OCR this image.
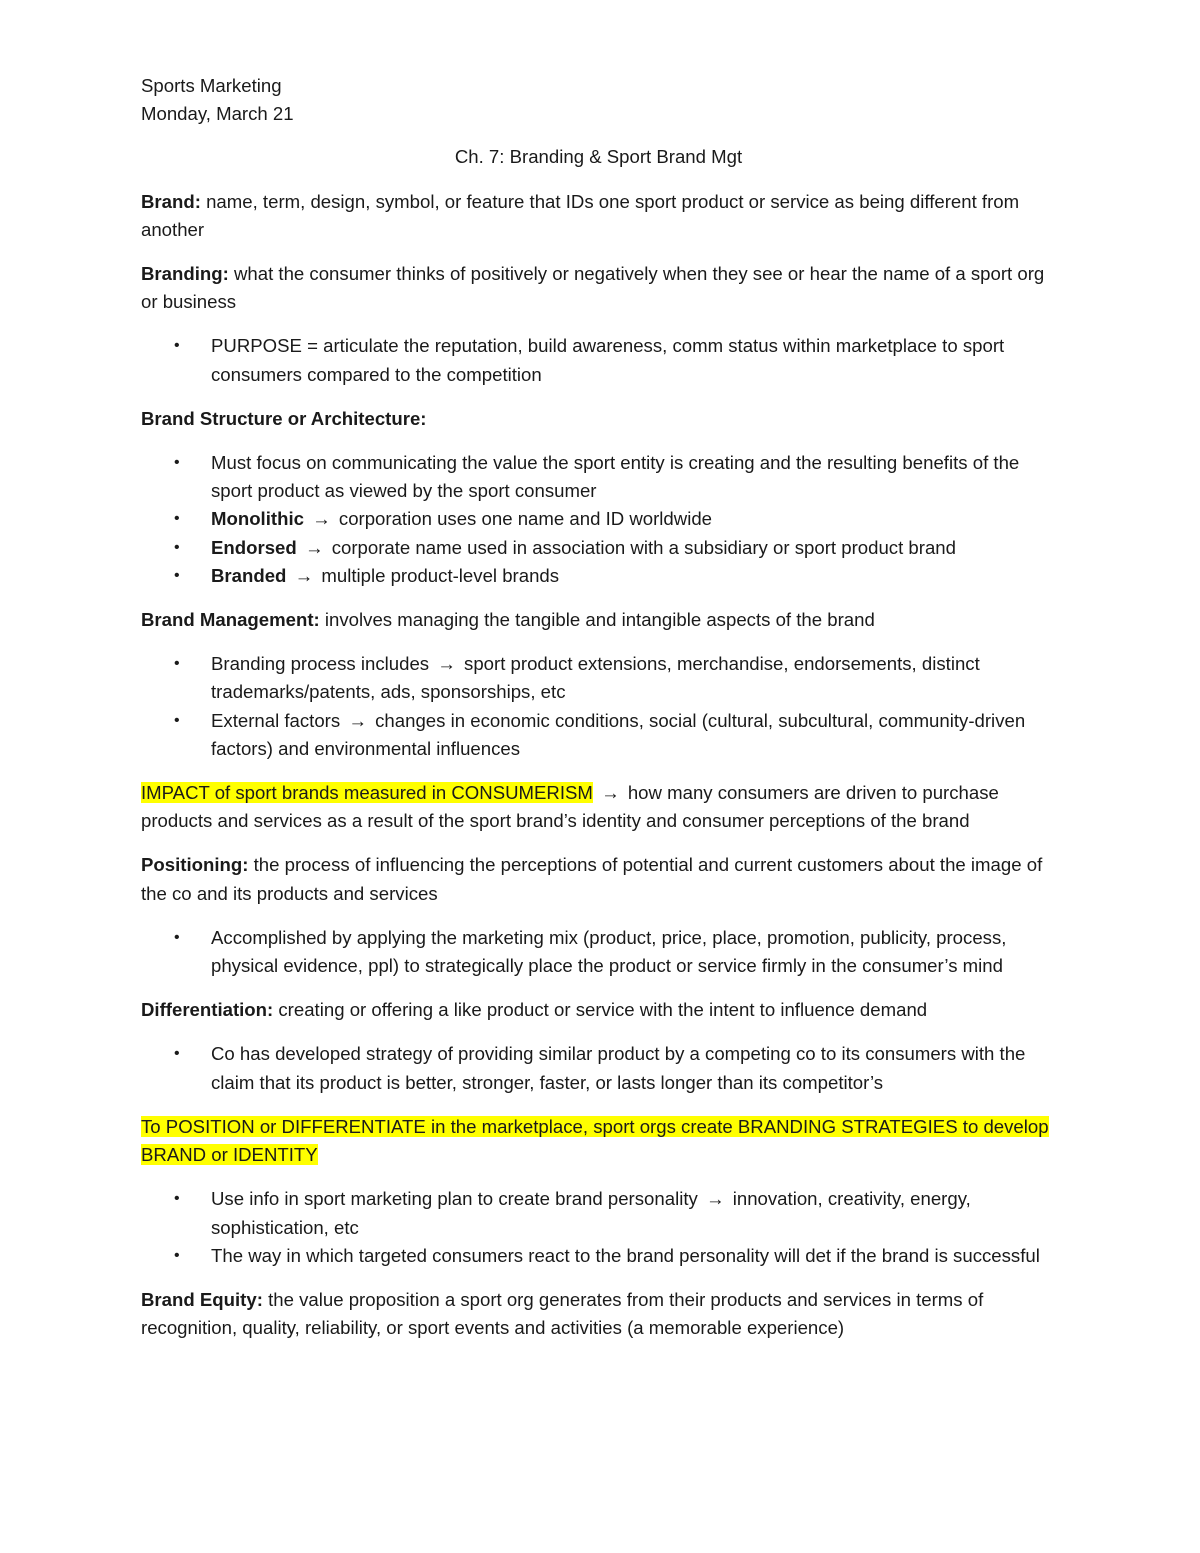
Sports Marketing

Monday, March 21

Ch. 7: Branding & Sport Brand Mgt

Brand: name, term, design, symbol, or feature that IDs one sport product or service as being different from another

Branding: what the consumer thinks of positively or negatively when they see or hear the name of a sport org or business

• PURPOSE = articulate the reputation, build awareness, comm status within marketplace to sport consumers compared to the competition

Brand Structure or Architecture:

• Must focus on communicating the value the sport entity is creating and the resulting benefits of the sport product as viewed by the sport consumer
• Monolithic → corporation uses one name and ID worldwide
• Endorsed → corporate name used in association with a subsidiary or sport product brand
• Branded → multiple product-level brands

Brand Management: involves managing the tangible and intangible aspects of the brand

• Branding process includes → sport product extensions, merchandise, endorsements, distinct trademarks/patents, ads, sponsorships, etc
• External factors → changes in economic conditions, social (cultural, subcultural, community-driven factors) and environmental influences

IMPACT of sport brands measured in CONSUMERISM → how many consumers are driven to purchase products and services as a result of the sport brand’s identity and consumer perceptions of the brand

Positioning: the process of influencing the perceptions of potential and current customers about the image of the co and its products and services

• Accomplished by applying the marketing mix (product, price, place, promotion, publicity, process, physical evidence, ppl) to strategically place the product or service firmly in the consumer’s mind

Differentiation: creating or offering a like product or service with the intent to influence demand

• Co has developed strategy of providing similar product by a competing co to its consumers with the claim that its product is better, stronger, faster, or lasts longer than its competitor’s

To POSITION or DIFFERENTIATE in the marketplace, sport orgs create BRANDING STRATEGIES to develop BRAND or IDENTITY

• Use info in sport marketing plan to create brand personality → innovation, creativity, energy, sophistication, etc
• The way in which targeted consumers react to the brand personality will det if the brand is successful

Brand Equity: the value proposition a sport org generates from their products and services in terms of recognition, quality, reliability, or sport events and activities (a memorable experience)
